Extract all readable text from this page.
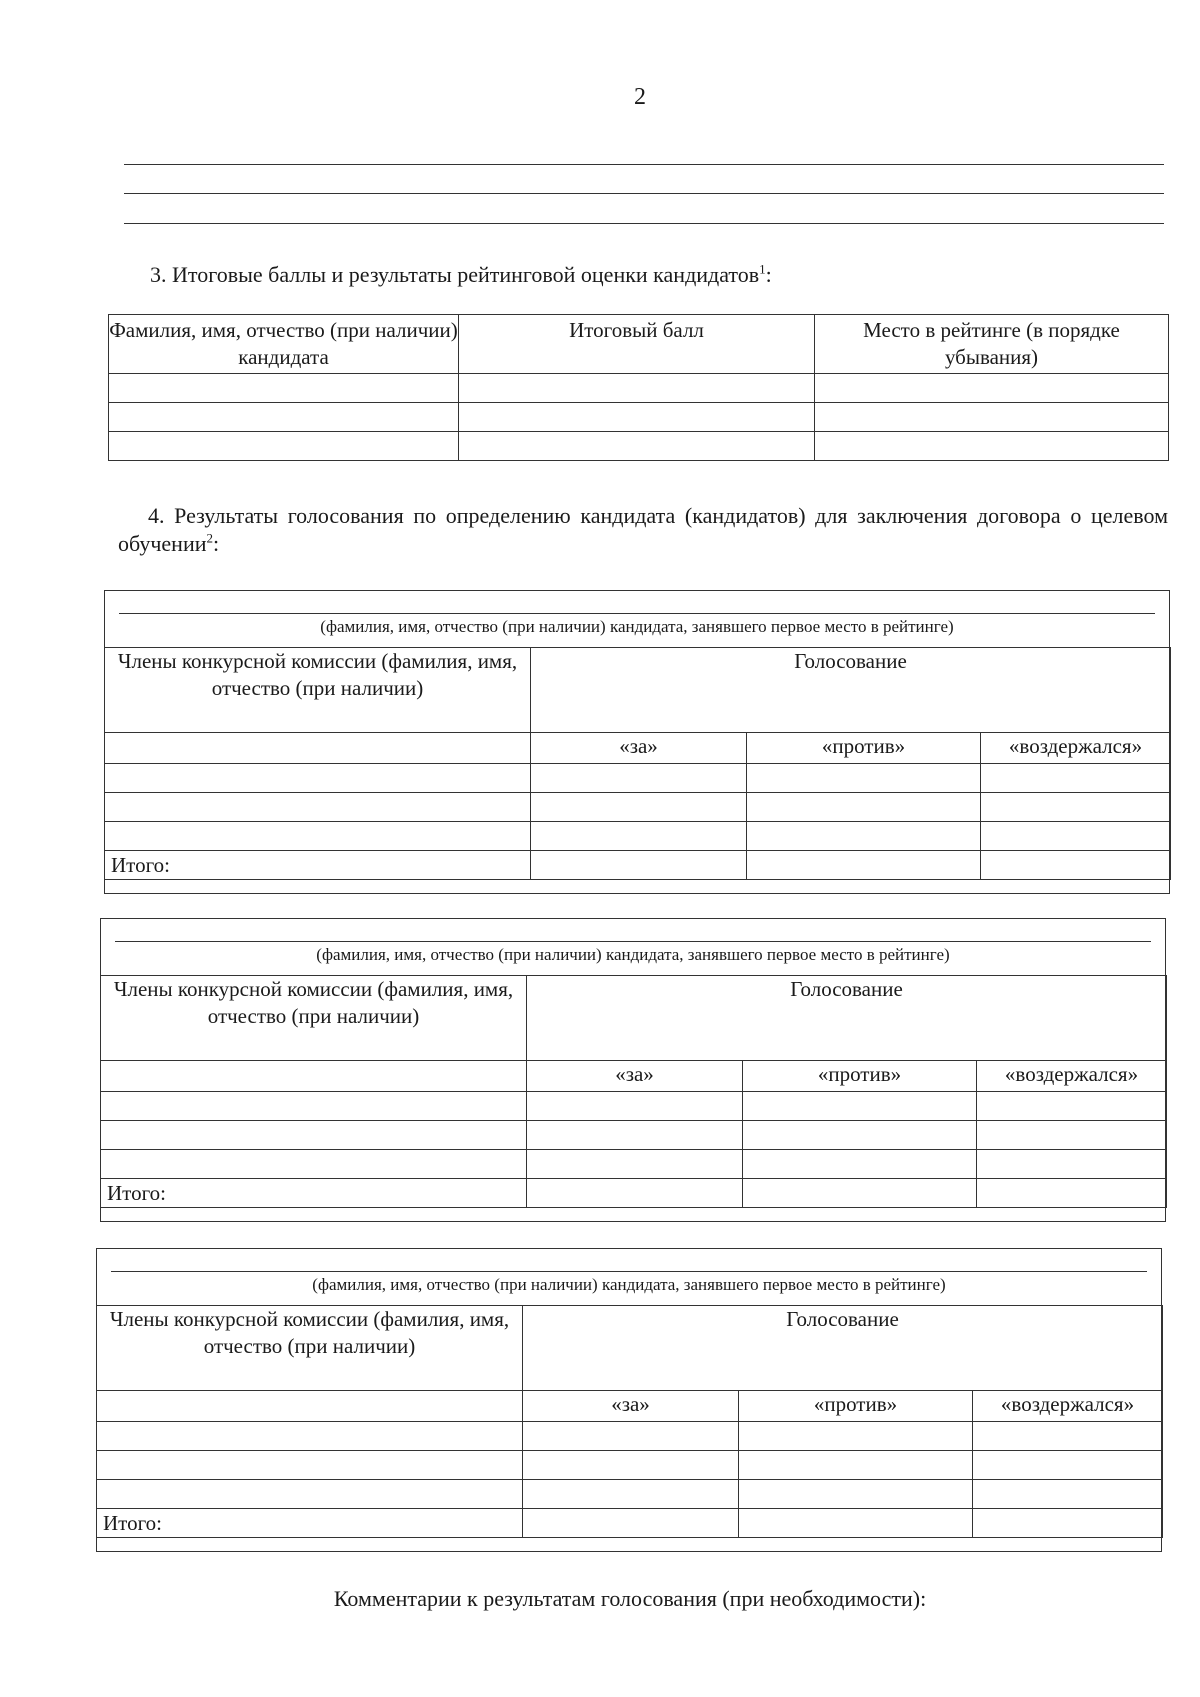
2
3. Итоговые баллы и результаты рейтинговой оценки кандидатов$^1$:
Фамилия, имя, отчество (при наличии) кандидата	Итоговый балл	Место в рейтинге (в порядке убывания)

4. Результаты голосования по определению кандидата (кандидатов) для заключения договора о целевом обучении$^2$:
(фамилия, имя, отчество (при наличии) кандидата, занявшего первое место в рейтинге)
Члены конкурсной комиссии (фамилия, имя, отчество (при наличии)	Голосование		
	«за»	«против»	«воздержался»

Итого:			
(фамилия, имя, отчество (при наличии) кандидата, занявшего первое место в рейтинге)
Члены конкурсной комиссии (фамилия, имя, отчество (при наличии)	Голосование		
	«за»	«против»	«воздержался»

Итого:			
(фамилия, имя, отчество (при наличии) кандидата, занявшего первое место в рейтинге)
Члены конкурсной комиссии (фамилия, имя, отчество (при наличии)	Голосование		
	«за»	«против»	«воздержался»

Итого:			
Комментарии к результатам голосования (при необходимости):
